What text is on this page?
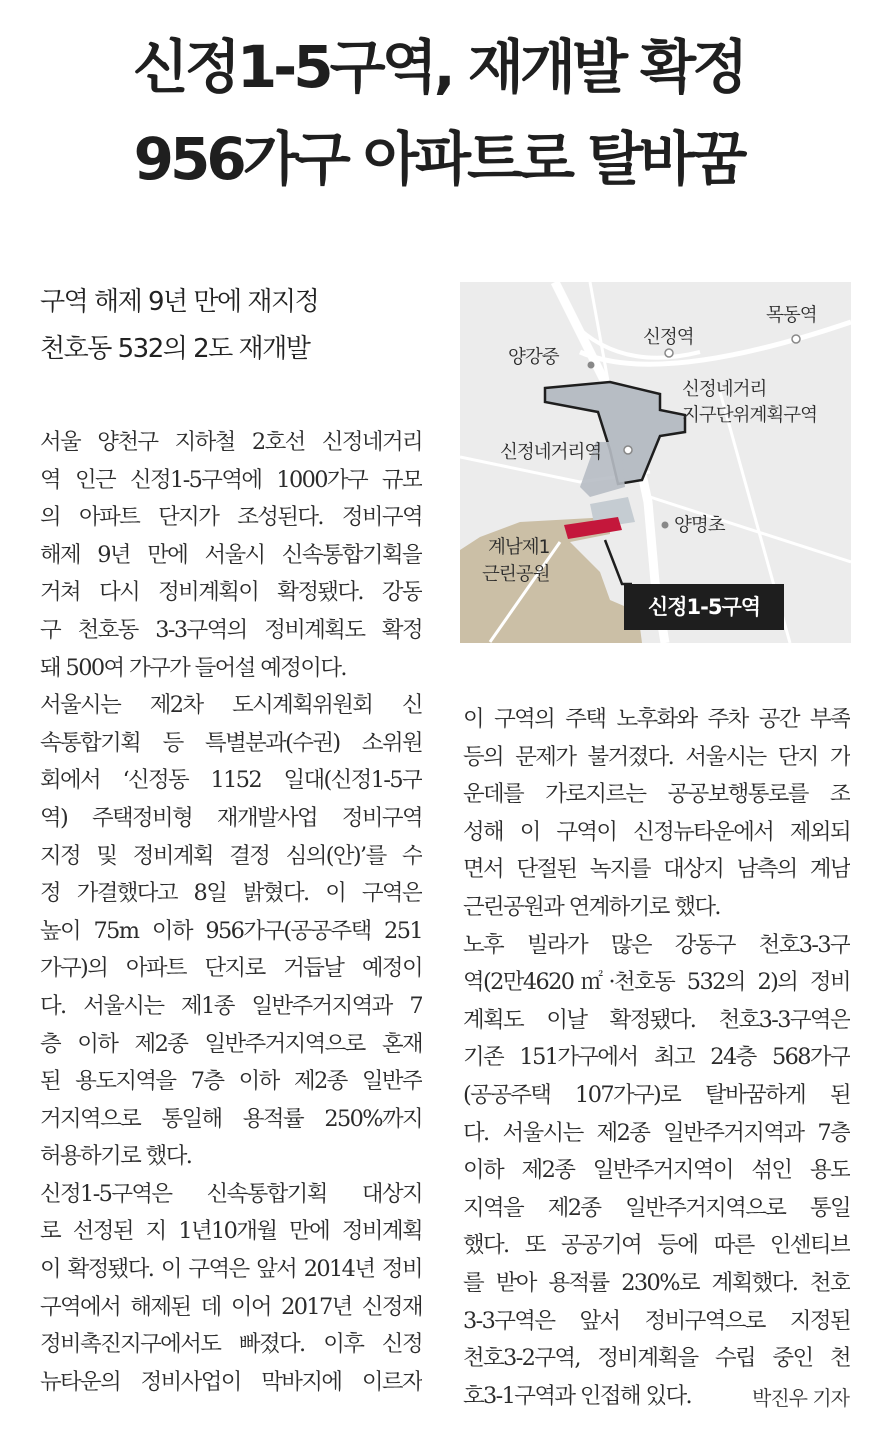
신정1-5구역, 재개발 확정
956가구 아파트로 탈바꿈
구역 해제 9년 만에 재지정
천호동 532의 2도 재개발
목동역
신정역
양강중
신정네거리
지구단위계획구역
신정네거리역
양명초
계남제1
근린공원
신정1-5구역
서울 양천구 지하철 2호선 신정네거리
역 인근 신정1-5구역에 1000가구 규모
의 아파트 단지가 조성된다. 정비구역
해제 9년 만에 서울시 신속통합기획을
거쳐 다시 정비계획이 확정됐다. 강동
구 천호동 3-3구역의 정비계획도 확정
돼 500여 가구가 들어설 예정이다.
서울시는 제2차 도시계획위원회 신
속통합기획 등 특별분과(수권) 소위원
회에서 ‘신정동 1152 일대(신정1-5구
역) 주택정비형 재개발사업 정비구역
지정 및 정비계획 결정 심의(안)’를 수
정 가결했다고 8일 밝혔다. 이 구역은
높이 75m 이하 956가구(공공주택 251
가구)의 아파트 단지로 거듭날 예정이
다. 서울시는 제1종 일반주거지역과 7
층 이하 제2종 일반주거지역으로 혼재
된 용도지역을 7층 이하 제2종 일반주
거지역으로 통일해 용적률 250%까지
허용하기로 했다.
신정1-5구역은 신속통합기획 대상지
로 선정된 지 1년10개월 만에 정비계획
이 확정됐다. 이 구역은 앞서 2014년 정비
구역에서 해제된 데 이어 2017년 신정재
정비촉진지구에서도 빠졌다. 이후 신정
뉴타운의 정비사업이 막바지에 이르자
이 구역의 주택 노후화와 주차 공간 부족
등의 문제가 불거졌다. 서울시는 단지 가
운데를 가로지르는 공공보행통로를 조
성해 이 구역이 신정뉴타운에서 제외되
면서 단절된 녹지를 대상지 남측의 계남
근린공원과 연계하기로 했다.
노후 빌라가 많은 강동구 천호3-3구
역(2만4620㎡·천호동 532의 2)의 정비
계획도 이날 확정됐다. 천호3-3구역은
기존 151가구에서 최고 24층 568가구
(공공주택 107가구)로 탈바꿈하게 된
다. 서울시는 제2종 일반주거지역과 7층
이하 제2종 일반주거지역이 섞인 용도
지역을 제2종 일반주거지역으로 통일
했다. 또 공공기여 등에 따른 인센티브
를 받아 용적률 230%로 계획했다. 천호
3-3구역은 앞서 정비구역으로 지정된
천호3-2구역, 정비계획을 수립 중인 천
호3-1구역과 인접해 있다.	박진우 기자
